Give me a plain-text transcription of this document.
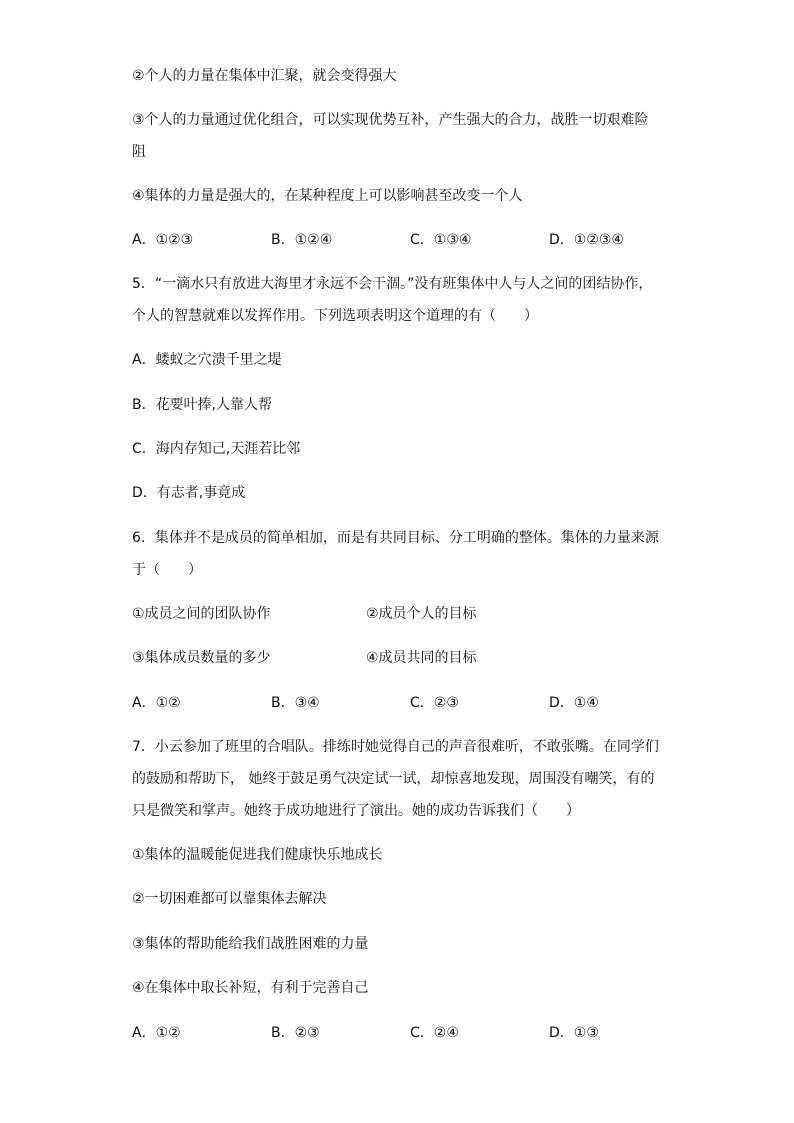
②个人的力量在集体中汇聚，就会变得强大
③个人的力量通过优化组合，可以实现优势互补，产生强大的合力，战胜一切艰难险
阻
④集体的力量是强大的，在某种程度上可以影响甚至改变一个人
A．①②③	B．①②④	C．①③④	D．①②③④
5．“一滴水只有放进大海里才永远不会干涸。”没有班集体中人与人之间的团结协作，
个人的智慧就难以发挥作用。下列选项表明这个道理的有（　　）
A．蝼蚁之穴溃千里之堤
B．花要叶捧,人靠人帮
C．海内存知己,天涯若比邻
D．有志者,事竟成
6．集体并不是成员的简单相加，而是有共同目标、分工明确的整体。集体的力量来源
于（　　）
①成员之间的团队协作	②成员个人的目标
③集体成员数量的多少	④成员共同的目标
A．①②	B．③④	C．②③	D．①④
7．小云参加了班里的合唱队。排练时她觉得自己的声音很难听，不敢张嘴。在同学们
的鼓励和帮助下， 她终于鼓足勇气决定试一试，却惊喜地发现，周围没有嘲笑，有的
只是微笑和掌声。她终于成功地进行了演出。她的成功告诉我们（　　）
①集体的温暖能促进我们健康快乐地成长
②一切困难都可以靠集体去解决
③集体的帮助能给我们战胜困难的力量
④在集体中取长补短，有利于完善自己
A．①②	B．②③	C．②④	D．①③
